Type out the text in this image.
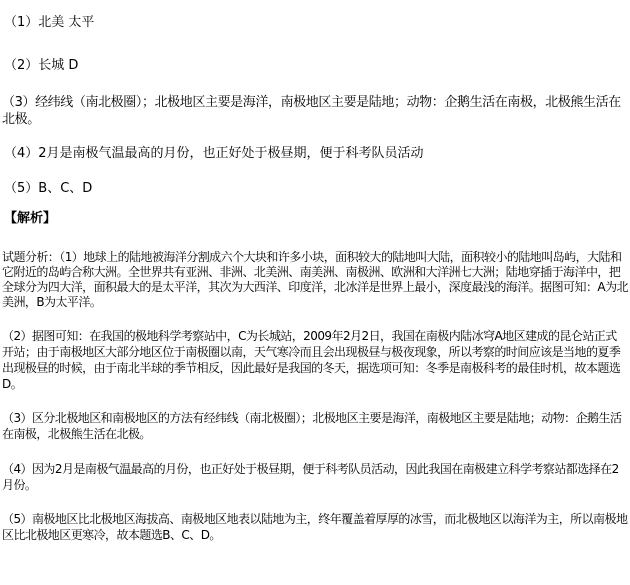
（1）北美 太平
（2）长城 D
（3）经纬线（南北极圈）；北极地区主要是海洋，南极地区主要是陆地；动物：企鹅生活在南极，北极熊生活在北极。
（4）2月是南极气温最高的月份，也正好处于极昼期，便于科考队员活动
（5）B、C、D
【解析】
试题分析：（1）地球上的陆地被海洋分割成六个大块和许多小块，面积较大的陆地叫大陆，面积较小的陆地叫岛屿，大陆和它附近的岛屿合称大洲。全世界共有亚洲、非洲、北美洲、南美洲、南极洲、欧洲和大洋洲七大洲；陆地穿插于海洋中，把全球分为四大洋，面积最大的是太平洋，其次为大西洋、印度洋，北冰洋是世界上最小，深度最浅的海洋。据图可知：A为北美洲，B为太平洋。
（2）据图可知：在我国的极地科学考察站中，C为长城站，2009年2月2日，我国在南极内陆冰穹A地区建成的昆仑站正式开站；由于南极地区大部分地区位于南极圈以南，天气寒冷而且会出现极昼与极夜现象，所以考察的时间应该是当地的夏季出现极昼的时候，由于南北半球的季节相反，因此最好是我国的冬天，据选项可知：冬季是南极科考的最佳时机，故本题选D。
（3）区分北极地区和南极地区的方法有经纬线（南北极圈）；北极地区主要是海洋，南极地区主要是陆地；动物：企鹅生活在南极，北极熊生活在北极。
（4）因为2月是南极气温最高的月份，也正好处于极昼期，便于科考队员活动，因此我国在南极建立科学考察站都选择在2月份。
（5）南极地区比北极地区海拔高、南极地区地表以陆地为主，终年覆盖着厚厚的冰雪，而北极地区以海洋为主，所以南极地区比北极地区更寒冷，故本题选B、C、D。
